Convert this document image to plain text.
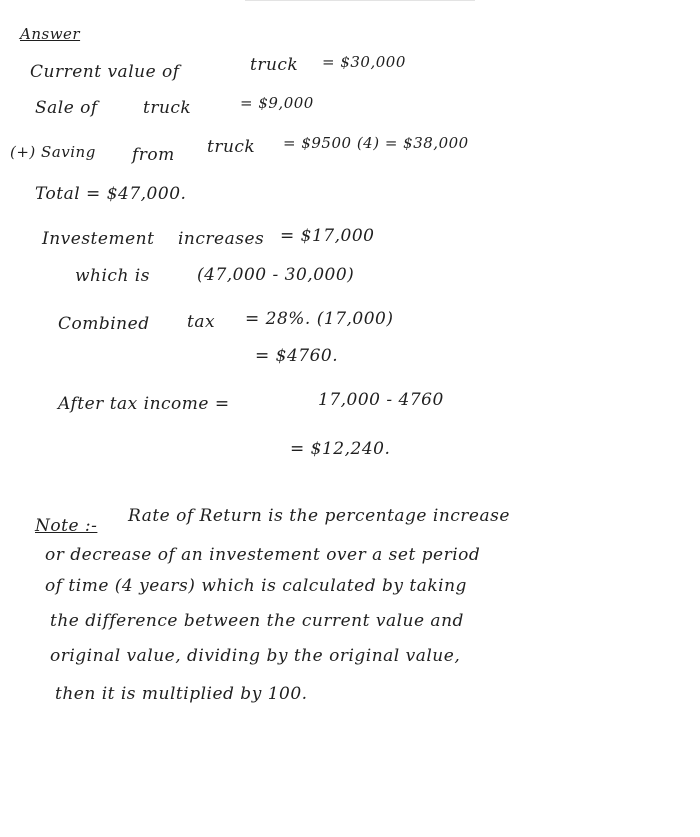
Answer
Current value of	truck = $30,000
Sale of	truck	= $9,000
(+) Saving from truck = $9500 (4) = $38,000
Total = $47,000.
Investement increases = $17,000
which is	(47,000 - 30,000)
Combined tax = 28%. (17,000)
= $4760.
After tax income =	17,000 - 4760
= $12,240.
Note :- Rate of Return is the percentage increase
or decrease of an investement over a set period
of time (4 years) which is calculated by taking
the difference between the current value and
original value, dividing by the original value,
then it is multiplied by 100.
